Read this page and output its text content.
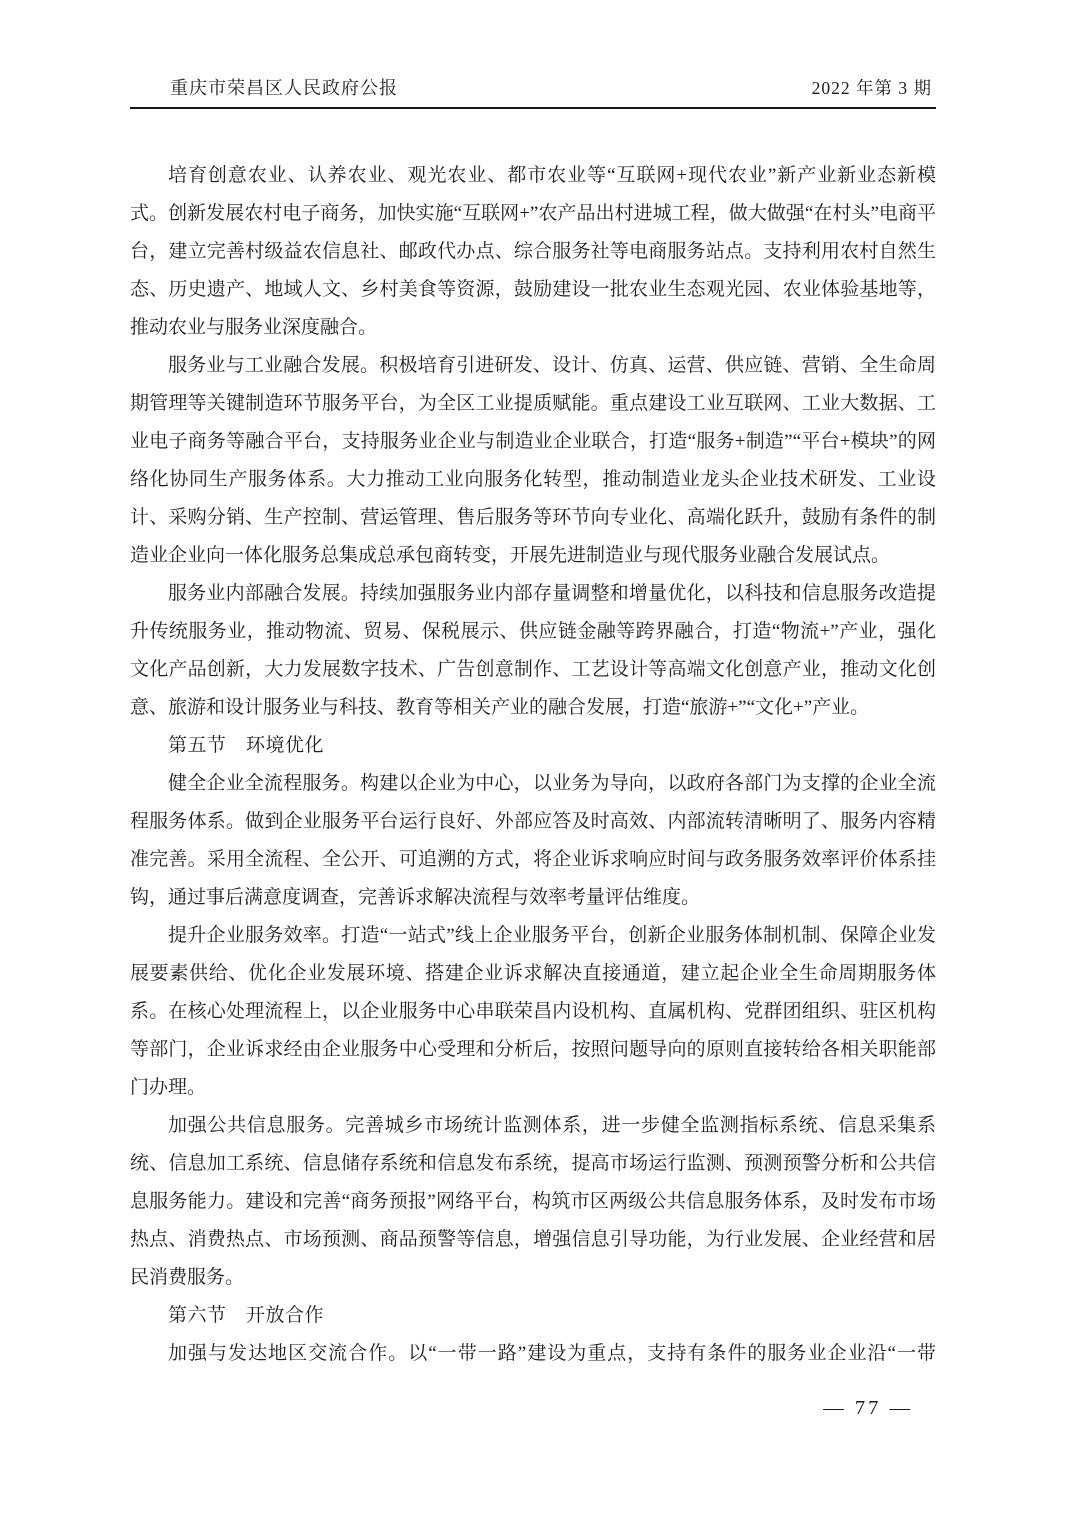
重庆市荣昌区人民政府公报	2022 年第 3 期

培育创意农业、认养农业、观光农业、都市农业等“互联网+现代农业”新产业新业态新模式。创新发展农村电子商务，加快实施“互联网+”农产品出村进城工程，做大做强“在村头”电商平台，建立完善村级益农信息社、邮政代办点、综合服务社等电商服务站点。支持利用农村自然生态、历史遗产、地域人文、乡村美食等资源，鼓励建设一批农业生态观光园、农业体验基地等，推动农业与服务业深度融合。

服务业与工业融合发展。积极培育引进研发、设计、仿真、运营、供应链、营销、全生命周期管理等关键制造环节服务平台，为全区工业提质赋能。重点建设工业互联网、工业大数据、工业电子商务等融合平台，支持服务业企业与制造业企业联合，打造“服务+制造”“平台+模块”的网络化协同生产服务体系。大力推动工业向服务化转型，推动制造业龙头企业技术研发、工业设计、采购分销、生产控制、营运管理、售后服务等环节向专业化、高端化跃升，鼓励有条件的制造业企业向一体化服务总集成总承包商转变，开展先进制造业与现代服务业融合发展试点。

服务业内部融合发展。持续加强服务业内部存量调整和增量优化，以科技和信息服务改造提升传统服务业，推动物流、贸易、保税展示、供应链金融等跨界融合，打造“物流+”产业，强化文化产品创新，大力发展数字技术、广告创意制作、工艺设计等高端文化创意产业，推动文化创意、旅游和设计服务业与科技、教育等相关产业的融合发展，打造“旅游+”“文化+”产业。

第五节　环境优化

健全企业全流程服务。构建以企业为中心，以业务为导向，以政府各部门为支撑的企业全流程服务体系。做到企业服务平台运行良好、外部应答及时高效、内部流转清晰明了、服务内容精准完善。采用全流程、全公开、可追溯的方式，将企业诉求响应时间与政务服务效率评价体系挂钩，通过事后满意度调查，完善诉求解决流程与效率考量评估维度。

提升企业服务效率。打造“一站式”线上企业服务平台，创新企业服务体制机制、保障企业发展要素供给、优化企业发展环境、搭建企业诉求解决直接通道，建立起企业全生命周期服务体系。在核心处理流程上，以企业服务中心串联荣昌内设机构、直属机构、党群团组织、驻区机构等部门，企业诉求经由企业服务中心受理和分析后，按照问题导向的原则直接转给各相关职能部门办理。

加强公共信息服务。完善城乡市场统计监测体系，进一步健全监测指标系统、信息采集系统、信息加工系统、信息储存系统和信息发布系统，提高市场运行监测、预测预警分析和公共信息服务能力。建设和完善“商务预报”网络平台，构筑市区两级公共信息服务体系，及时发布市场热点、消费热点、市场预测、商品预警等信息，增强信息引导功能，为行业发展、企业经营和居民消费服务。

第六节　开放合作

加强与发达地区交流合作。以“一带一路”建设为重点，支持有条件的服务业企业沿“一带

— 77 —
